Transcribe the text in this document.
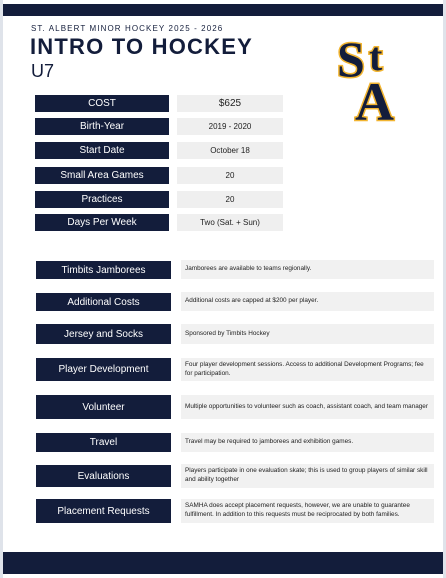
ST. ALBERT MINOR HOCKEY 2025 - 2026
INTRO TO HOCKEY
U7	S t
A
COST	$625
Birth-Year	2019 - 2020
Start Date	October 18
Small Area Games	20
Practices	20
Days Per Week	Two (Sat. + Sun)
Timbits Jamborees	Jamborees are available to teams regionally.
Additional Costs	Additional costs are capped at $200 per player.
Jersey and Socks	Sponsored by Timbits Hockey
Player Development	Four player development sessions. Access to additional Development Programs; fee for participation.
Volunteer	Multiple opportunities to volunteer such as coach, assistant coach, and team manager
Travel	Travel may be required to jamborees and exhibition games.
Evaluations	Players participate in one evaluation skate; this is used to group players of similar skill and ability together
Placement Requests	SAMHA does accept placement requests, however, we are unable to guarantee fulfillment. In addition to this requests must be reciprocated by both families.
